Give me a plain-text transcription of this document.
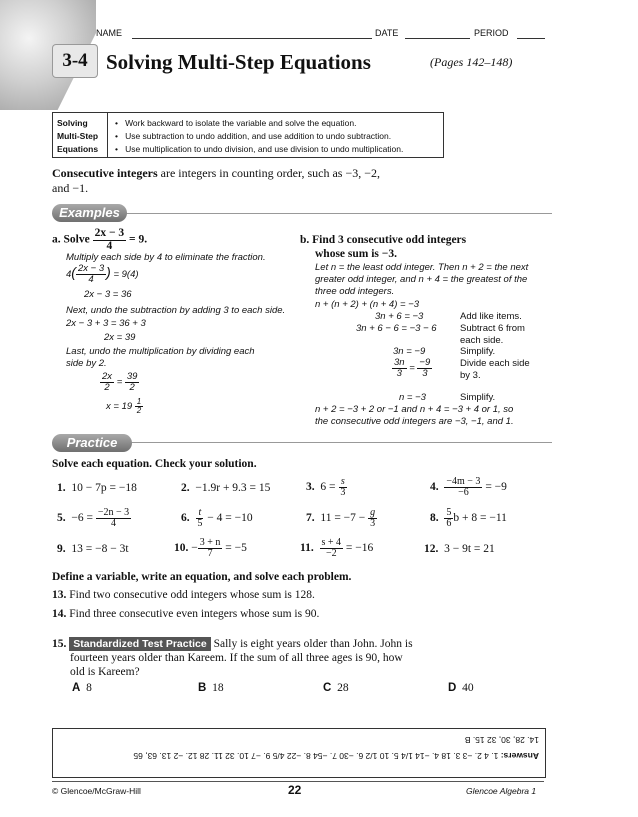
3-4
NAME	DATE	PERIOD
Solving Multi-Step Equations	(Pages 142–148)
Solving
Multi-Step
Equations
•   Work backward to isolate the variable and solve the equation.
•   Use subtraction to undo addition, and use addition to undo subtraction.
•   Use multiplication to undo division, and use division to undo multiplication.
Consecutive integers are integers in counting order, such as −3, −2,
and −1.
Examples
a. Solve $\frac{2x - 3}{4} = 9$.
Multiply each side by 4 to eliminate the fraction.
$4( \frac{2x - 3}{4}$ ) = 9(4)
2x − 3 = 36
Next, undo the subtraction by adding 3 to each side.
2x − 3 + 3 = 36 + 3
2x = 39
Last, undo the multiplication by dividing each
side by 2.
$\frac{2x}{2} = \frac{39}{2}$
$x = 19 \frac{1}{2}$
b. Find 3 consecutive odd integers
whose sum is −3.
Let n = the least odd integer. Then n + 2 = the next
greater odd integer, and n + 4 = the greatest of the
three odd integers.
n + (n + 2) + (n + 4) = −3
3n + 6 = −3	Add like items.
3n + 6 − 6 = −3 − 6 Subtract 6 from
each side.
3n = −9	Simplify.
$\frac{3n}{3} = \frac{-9}{3}$	Divide each side
by 3.
n = −3	Simplify.
n + 2 = −3 + 2 or −1 and n + 4 = −3 + 4 or 1, so
the consecutive odd integers are −3, −1, and 1.
Practice
Solve each equation. Check your solution.
1. 10 − 7p = −18	2. −1.9r + 9.3 = 15	3. $6 = \frac{s}{3}$	4. $\frac{-4m - 3}{-6} = -9$
5. $-6 = \frac{-2n - 3}{4}$	6. $\frac{t}{5} - 4 = -10$	7. $11 = -7 - \frac{g}{3}$	8. $\frac{5}{6}$ b + 8 = −11
9. 13 = −8 − 3t	10. − $\frac{3 + n}{7} = -5$	11. $\frac{s + 4}{-2} = -16$	12. 3 − 9t = 21
Define a variable, write an equation, and solve each problem.
13. Find two consecutive odd integers whose sum is 128.
14. Find three consecutive even integers whose sum is 90.
15. Standardized Test Practice Sally is eight years older than John. John is
fourteen years older than Kareem. If the sum of all three ages is 90, how
old is Kareem?
A 8	B 18	C 28	D 40
Answers: 1. 4 2. −3 3. 18 4. −14 1/4 5. 10 1/2 6. −30 7. −54 8. −22 4/5 9. −7 10. 32 11. 28 12. −2 13. 63, 65
14. 28, 30, 32 15. B
© Glencoe/McGraw-Hill	22	Glencoe Algebra 1
